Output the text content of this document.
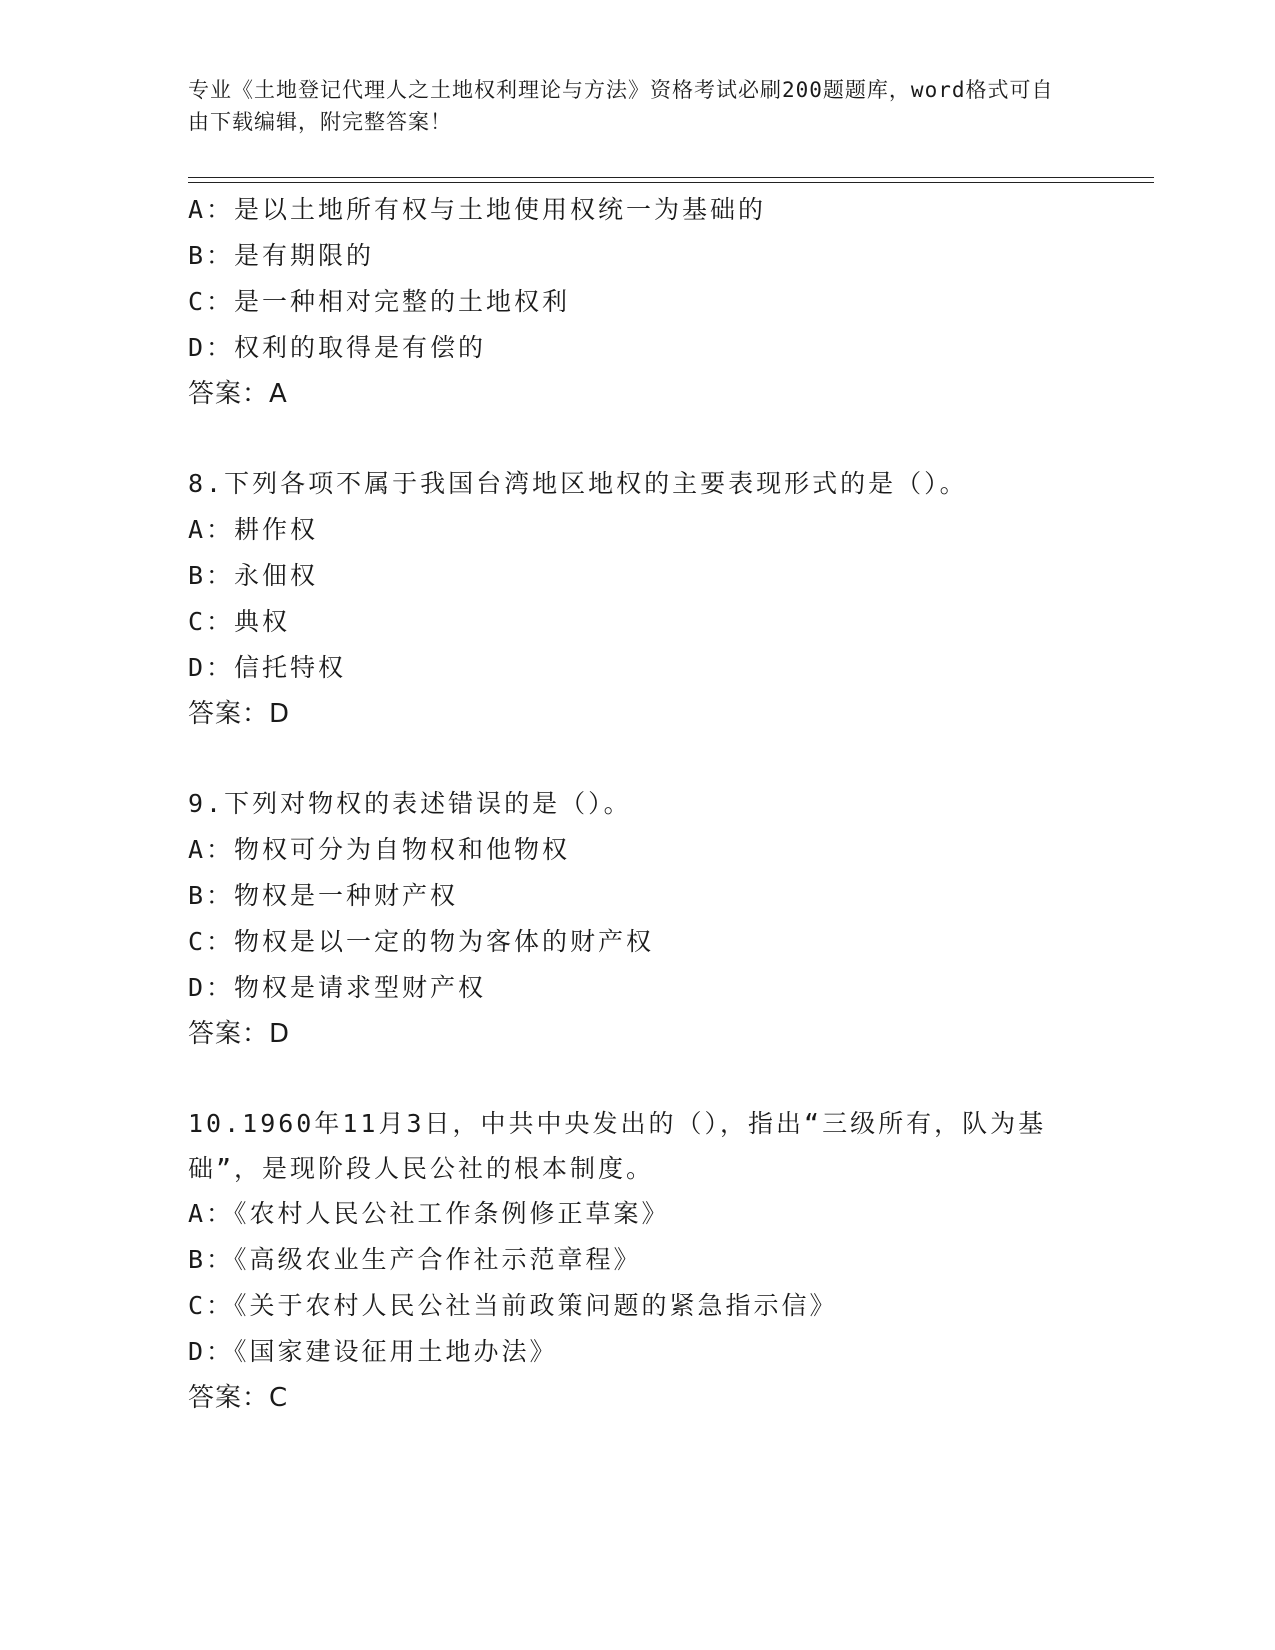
专业《土地登记代理人之土地权利理论与方法》资格考试必刷200题题库，word格式可自由下载编辑，附完整答案！
A：是以土地所有权与土地使用权统一为基础的
B：是有期限的
C：是一种相对完整的土地权利
D：权利的取得是有偿的
答案：A
8.下列各项不属于我国台湾地区地权的主要表现形式的是（）。
A：耕作权
B：永佃权
C：典权
D：信托特权
答案：D
9.下列对物权的表述错误的是（）。
A：物权可分为自物权和他物权
B：物权是一种财产权
C：物权是以一定的物为客体的财产权
D：物权是请求型财产权
答案：D
10.1960年11月3日，中共中央发出的（），指出“三级所有，队为基础”，是现阶段人民公社的根本制度。
A：《农村人民公社工作条例修正草案》
B：《高级农业生产合作社示范章程》
C：《关于农村人民公社当前政策问题的紧急指示信》
D：《国家建设征用土地办法》
答案：C
